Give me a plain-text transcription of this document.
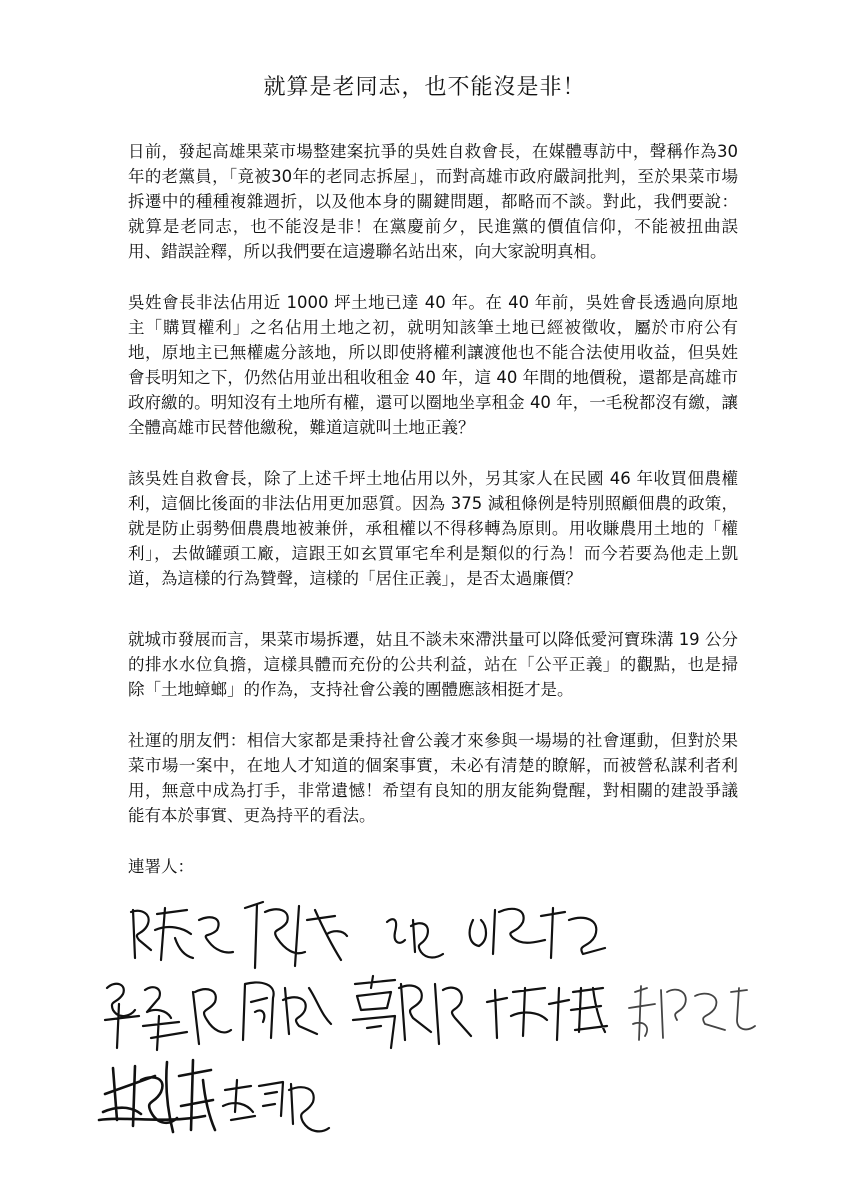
就算是老同志，也不能沒是非！
日前，發起高雄果菜市場整建案抗爭的吳姓自救會長，在媒體專訪中，聲稱作為30年的老黨員，「竟被30年的老同志拆屋」，而對高雄市政府嚴詞批判，至於果菜市場拆遷中的種種複雜週折，以及他本身的關鍵問題，都略而不談。對此，我們要說：就算是老同志，也不能沒是非！在黨慶前夕，民進黨的價值信仰，不能被扭曲誤用、錯誤詮釋，所以我們要在這邊聯名站出來，向大家說明真相。
吳姓會長非法佔用近 1000 坪土地已達 40 年。在 40 年前，吳姓會長透過向原地主「購買權利」之名佔用土地之初，就明知該筆土地已經被徵收，屬於市府公有地，原地主已無權處分該地，所以即使將權利讓渡他也不能合法使用收益，但吳姓會長明知之下，仍然佔用並出租收租金 40 年，這 40 年間的地價稅，還都是高雄市政府繳的。明知沒有土地所有權，還可以圈地坐享租金 40 年，一毛稅都沒有繳，讓全體高雄市民替他繳稅，難道這就叫土地正義？
該吳姓自救會長，除了上述千坪土地佔用以外，另其家人在民國 46 年收買佃農權利，這個比後面的非法佔用更加惡質。因為 375 減租條例是特別照顧佃農的政策，就是防止弱勢佃農農地被兼併，承租權以不得移轉為原則。用收賺農用土地的「權利」，去做罐頭工廠，這跟王如玄買軍宅牟利是類似的行為！而今若要為他走上凱道，為這樣的行為贊聲，這樣的「居住正義」，是否太過廉價？
就城市發展而言，果菜市場拆遷，姑且不談未來滯洪量可以降低愛河寶珠溝 19 公分的排水水位負擔，這樣具體而充份的公共利益，站在「公平正義」的觀點，也是掃除「土地蟑螂」的作為，支持社會公義的團體應該相挺才是。
社運的朋友們：相信大家都是秉持社會公義才來參與一場場的社會運動，但對於果菜市場一案中，在地人才知道的個案事實，未必有清楚的瞭解，而被營私謀利者利用，無意中成為打手，非常遺憾！希望有良知的朋友能夠覺醒，對相關的建設爭議能有本於事實、更為持平的看法。
連署人：
